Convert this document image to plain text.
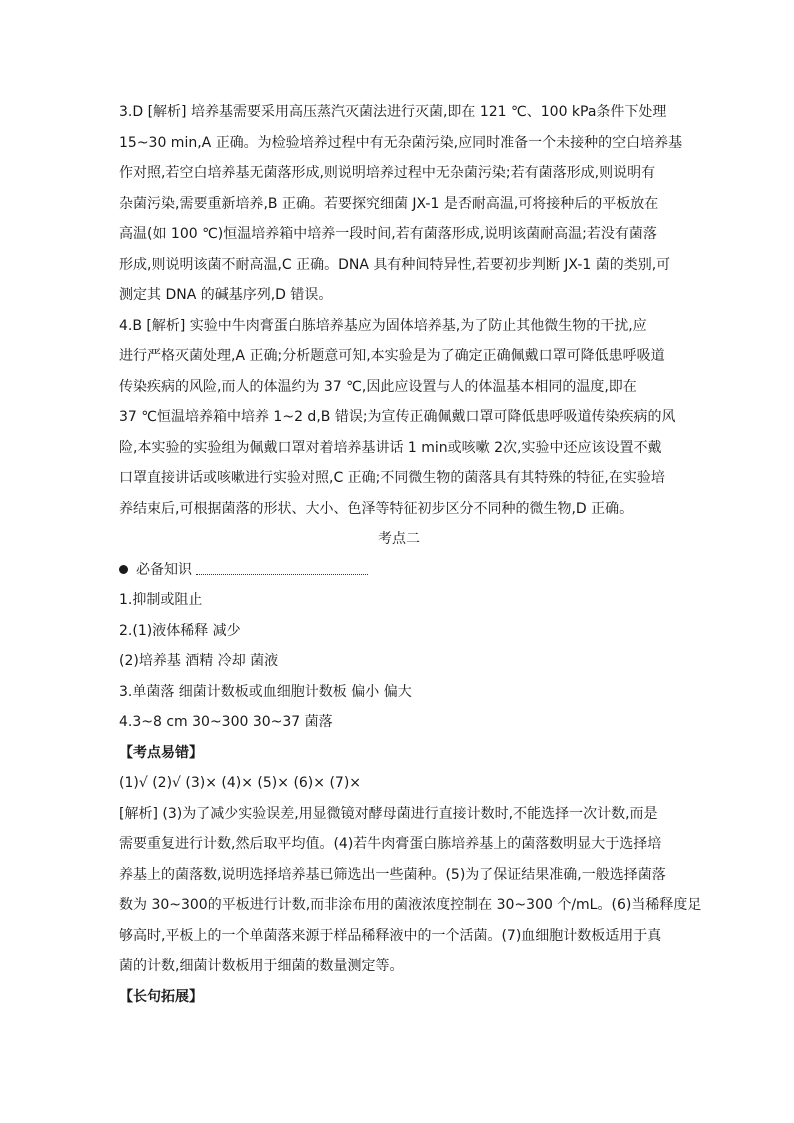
3.D [解析] 培养基需要采用高压蒸汽灭菌法进行灭菌,即在 121 ℃、100 kPa条件下处理

15~30 min,A 正确。为检验培养过程中有无杂菌污染,应同时准备一个未接种的空白培养基

作对照,若空白培养基无菌落形成,则说明培养过程中无杂菌污染;若有菌落形成,则说明有

杂菌污染,需要重新培养,B 正确。若要探究细菌 JX-1 是否耐高温,可将接种后的平板放在

高温(如 100 ℃)恒温培养箱中培养一段时间,若有菌落形成,说明该菌耐高温;若没有菌落

形成,则说明该菌不耐高温,C 正确。DNA 具有种间特异性,若要初步判断 JX-1 菌的类别,可

测定其 DNA 的碱基序列,D 错误。

4.B [解析] 实验中牛肉膏蛋白胨培养基应为固体培养基,为了防止其他微生物的干扰,应

进行严格灭菌处理,A 正确;分析题意可知,本实验是为了确定正确佩戴口罩可降低患呼吸道

传染疾病的风险,而人的体温约为 37 ℃,因此应设置与人的体温基本相同的温度,即在

37 ℃恒温培养箱中培养 1~2 d,B 错误;为宣传正确佩戴口罩可降低患呼吸道传染疾病的风

险,本实验的实验组为佩戴口罩对着培养基讲话 1 min或咳嗽 2次,实验中还应该设置不戴

口罩直接讲话或咳嗽进行实验对照,C 正确;不同微生物的菌落具有其特殊的特征,在实验培

养结束后,可根据菌落的形状、大小、色泽等特征初步区分不同种的微生物,D 正确。

考点二

必备知识

1.抑制或阻止

2.(1)液体稀释 减少

(2)培养基 酒精 冷却 菌液

3.单菌落 细菌计数板或血细胞计数板 偏小 偏大

4.3~8 cm 30~300 30~37 菌落

【考点易错】

(1)√ (2)√ (3)× (4)× (5)× (6)× (7)×

[解析] (3)为了减少实验误差,用显微镜对酵母菌进行直接计数时,不能选择一次计数,而是

需要重复进行计数,然后取平均值。(4)若牛肉膏蛋白胨培养基上的菌落数明显大于选择培

养基上的菌落数,说明选择培养基已筛选出一些菌种。(5)为了保证结果准确,一般选择菌落

数为 30~300的平板进行计数,而非涂布用的菌液浓度控制在 30~300 个/mL。(6)当稀释度足

够高时,平板上的一个单菌落来源于样品稀释液中的一个活菌。(7)血细胞计数板适用于真

菌的计数,细菌计数板用于细菌的数量测定等。

【长句拓展】
